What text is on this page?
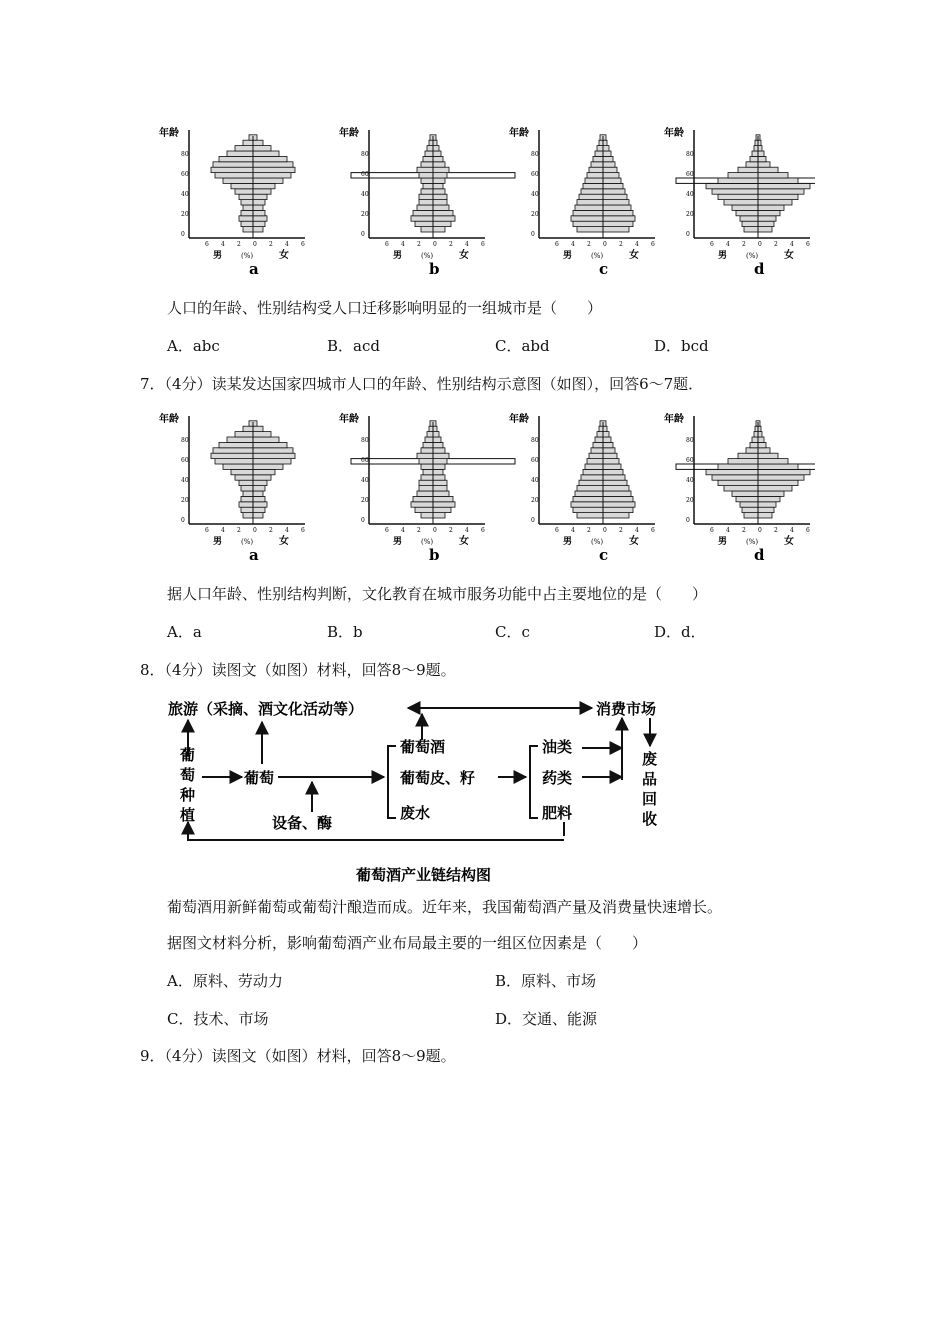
年龄
80
60
40
20
0
6 4 2 0 2 4 6
男	(%)	女
a
年龄
80
60
40
20
0
6 4 2 0 2 4 6
男	(%)	女
b
年龄
80
60
40
20
0
6 4 2 0 2 4 6
男	(%)	女
c
年龄
80
60
40
20
0
6 4 2 0 2 4 6
男	(%)	女
d
人口的年龄、性别结构受人口迁移影响明显的一组城市是（　　）
A．abc	B．acd	C．abd	D．bcd
7．（4分）读某发达国家四城市人口的年龄、性别结构示意图（如图），回答6～7题．
年龄
80
60
40
20
0
6 4 2 0 2 4 6
男	(%)	女
a
年龄
80
60
40
20
0
6 4 2 0 2 4 6
男	(%)	女
b
年龄
80
60
40
20
0
6 4 2 0 2 4 6
男	(%)	女
c
年龄
80
60
40
20
0
6 4 2 0 2 4 6
男	(%)	女
d
据人口年龄、性别结构判断，文化教育在城市服务功能中占主要地位的是（　　）
A．a	B．b	C．c	D．d．
8．（4分）读图文（如图）材料，回答8～9题。
旅游（采摘、酒文化活动等）	消费市场
葡
萄
种
植
葡萄
设备、酶
葡萄酒
葡萄皮、籽
废水
油类
药类
肥料
废
品
回
收
葡萄酒产业链结构图
葡萄酒用新鲜葡萄或葡萄汁酿造而成。近年来，我国葡萄酒产量及消费量快速增长。
据图文材料分析，影响葡萄酒产业布局最主要的一组区位因素是（　　）
A．原料、劳动力	B．原料、市场
C．技术、市场	D．交通、能源
9．（4分）读图文（如图）材料，回答8～9题。
